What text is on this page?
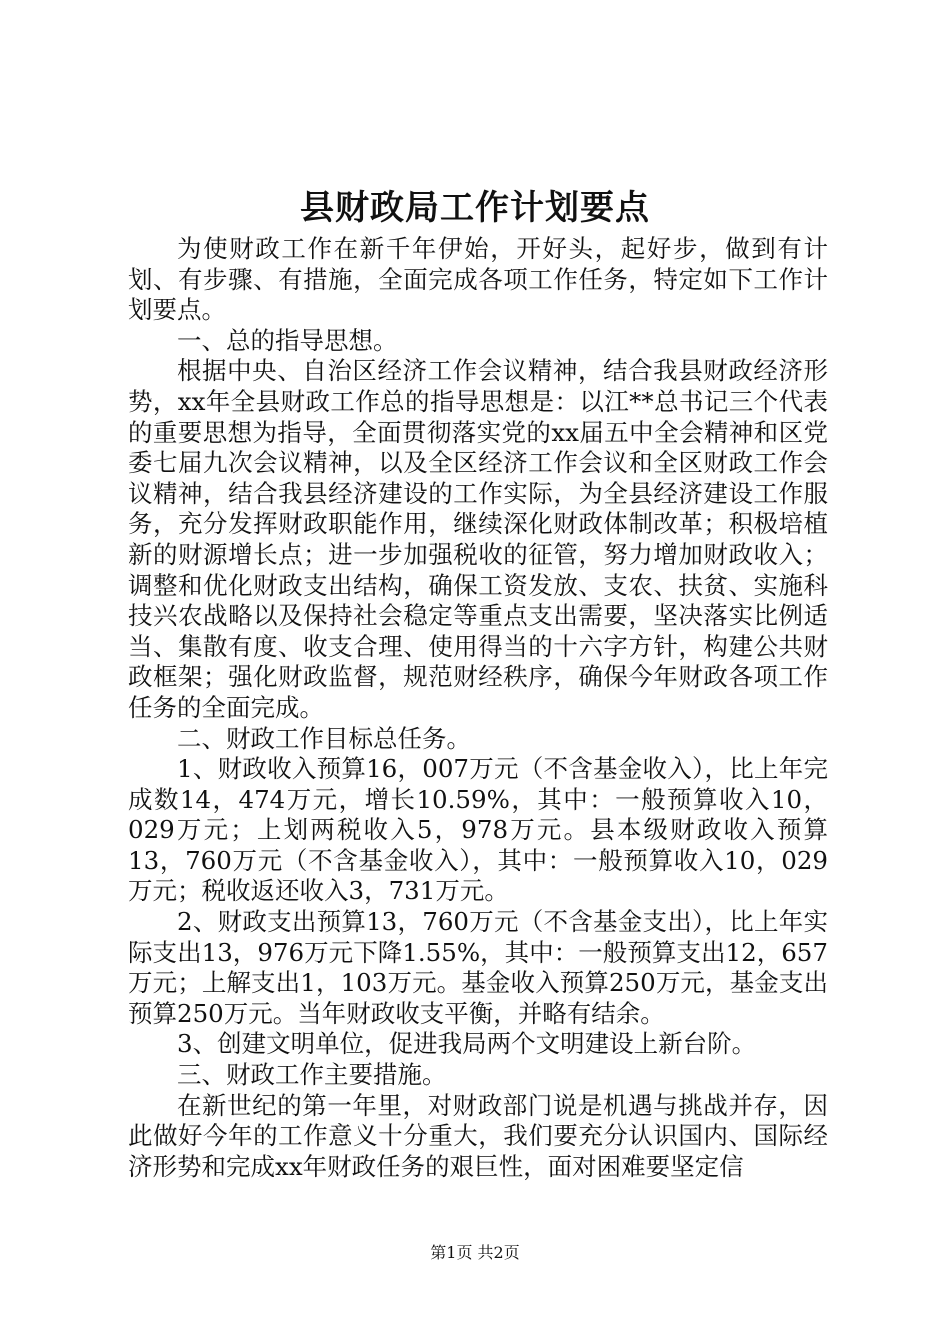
县财政局工作计划要点

为使财政工作在新千年伊始，开好头，起好步，做到有计划、有步骤、有措施，全面完成各项工作任务，特定如下工作计划要点。

一、总的指导思想。

根据中央、自治区经济工作会议精神，结合我县财政经济形势，xx年全县财政工作总的指导思想是：以江**总书记三个代表的重要思想为指导，全面贯彻落实党的xx届五中全会精神和区党委七届九次会议精神，以及全区经济工作会议和全区财政工作会议精神，结合我县经济建设的工作实际，为全县经济建设工作服务，充分发挥财政职能作用，继续深化财政体制改革；积极培植新的财源增长点；进一步加强税收的征管，努力增加财政收入；调整和优化财政支出结构，确保工资发放、支农、扶贫、实施科技兴农战略以及保持社会稳定等重点支出需要，坚决落实比例适当、集散有度、收支合理、使用得当的十六字方针，构建公共财政框架；强化财政监督，规范财经秩序，确保今年财政各项工作任务的全面完成。

二、财政工作目标总任务。

1、财政收入预算16，007万元（不含基金收入），比上年完成数14，474万元，增长10.59%，其中：一般预算收入10，029万元；上划两税收入5，978万元。县本级财政收入预算13，760万元（不含基金收入），其中：一般预算收入10，029万元；税收返还收入3，731万元。

2、财政支出预算13，760万元（不含基金支出），比上年实际支出13，976万元下降1.55%，其中：一般预算支出12，657万元；上解支出1，103万元。基金收入预算250万元，基金支出预算250万元。当年财政收支平衡，并略有结余。

3、创建文明单位，促进我局两个文明建设上新台阶。

三、财政工作主要措施。

在新世纪的第一年里，对财政部门说是机遇与挑战并存，因此做好今年的工作意义十分重大，我们要充分认识国内、国际经济形势和完成xx年财政任务的艰巨性，面对困难要坚定信

第1页 共2页
